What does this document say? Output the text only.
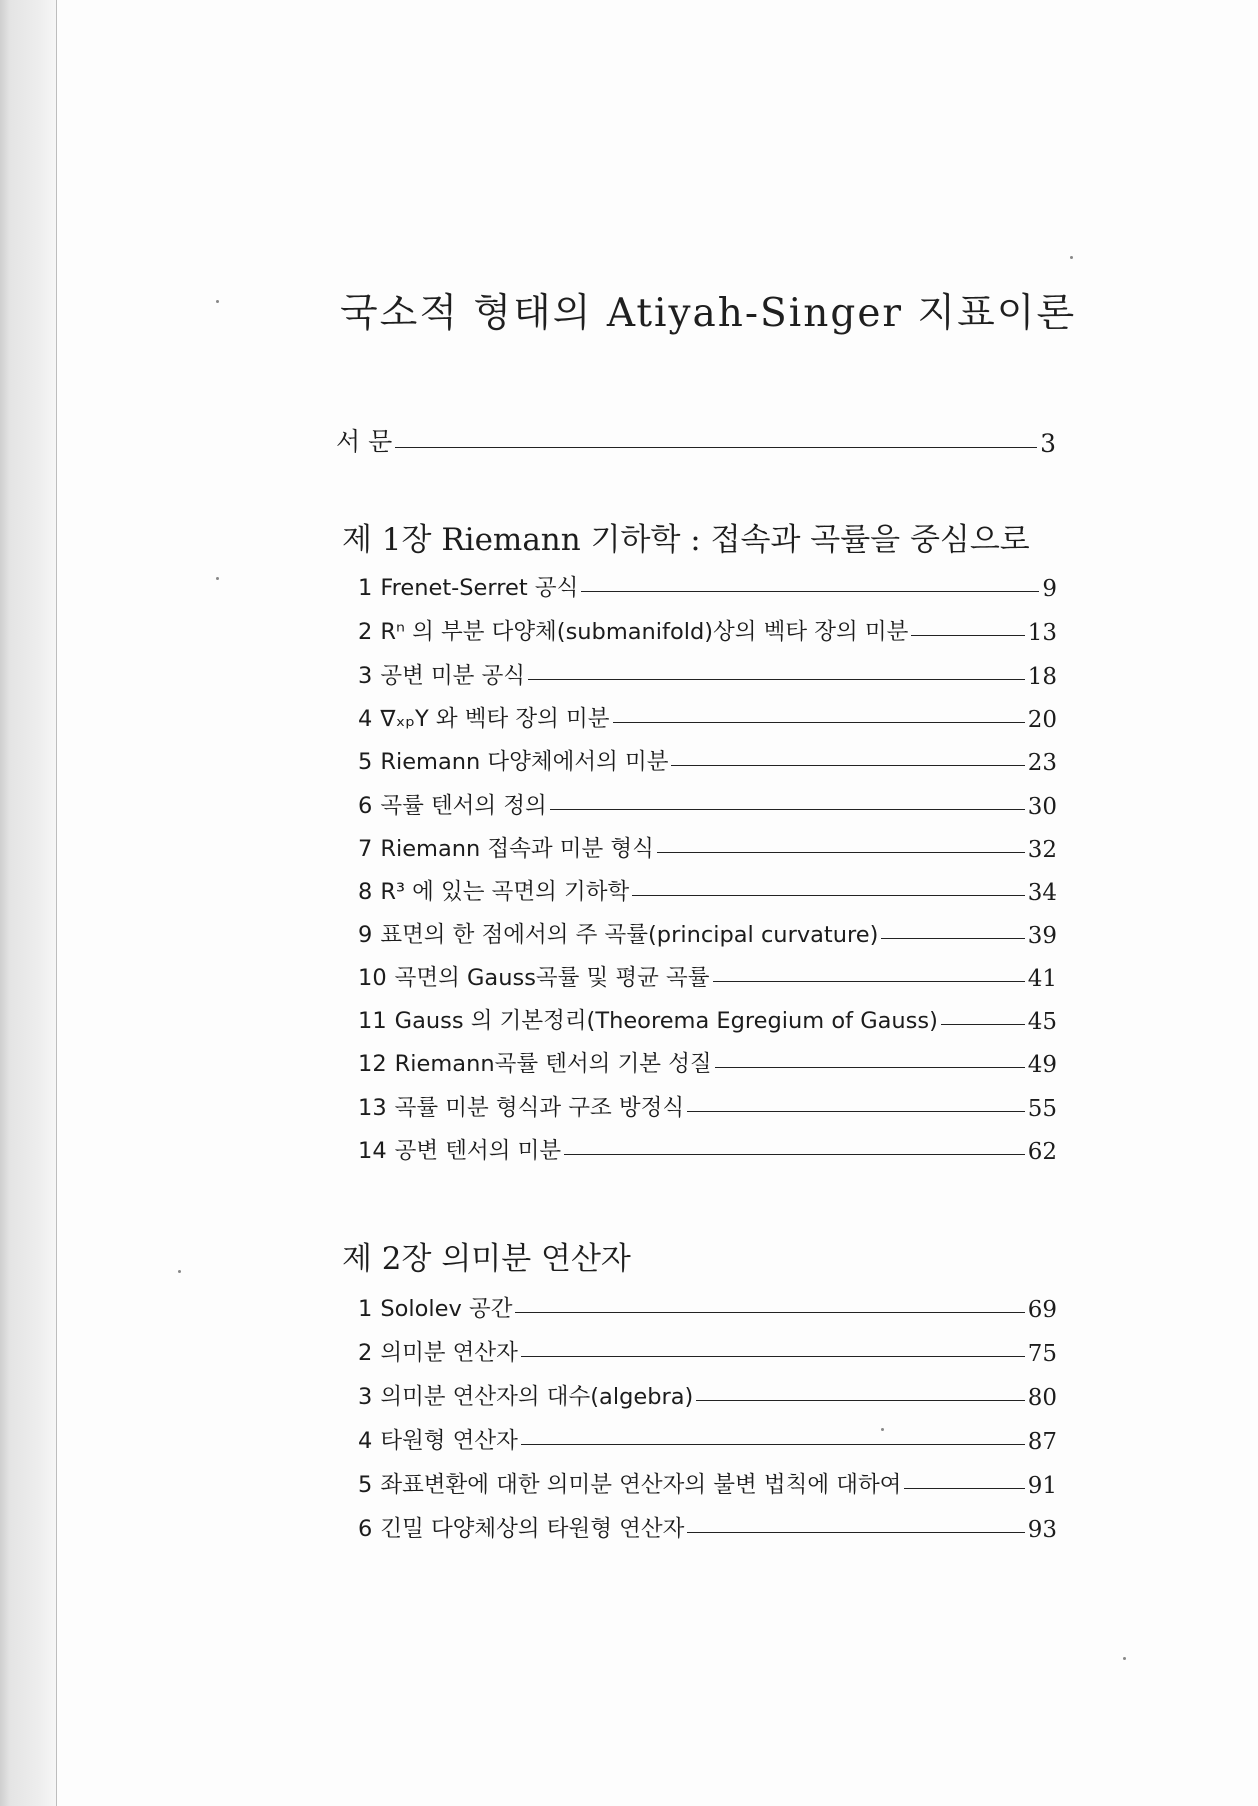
국소적 형태의 Atiyah-Singer 지표이론
서 문	3
제 1장 Riemann 기하학 : 접속과 곡률을 중심으로
1 Frenet-Serret 공식	9
2 Rⁿ 의 부분 다양체(submanifold)상의 벡타 장의 미분	13
3 공변 미분 공식	18
4 ∇ₓₚY 와 벡타 장의 미분	20
5 Riemann 다양체에서의 미분	23
6 곡률 텐서의 정의	30
7 Riemann 접속과 미분 형식	32
8 R³ 에 있는 곡면의 기하학	34
9 표면의 한 점에서의 주 곡률(principal curvature)	39
10 곡면의 Gauss곡률 및 평균 곡률	41
11 Gauss 의 기본정리(Theorema Egregium of Gauss)	45
12 Riemann곡률 텐서의 기본 성질	49
13 곡률 미분 형식과 구조 방정식	55
14 공변 텐서의 미분	62
제 2장 의미분 연산자
1 Sololev 공간	69
2 의미분 연산자	75
3 의미분 연산자의 대수(algebra)	80
4 타원형 연산자	87
5 좌표변환에 대한 의미분 연산자의 불변 법칙에 대하여	91
6 긴밀 다양체상의 타원형 연산자	93
